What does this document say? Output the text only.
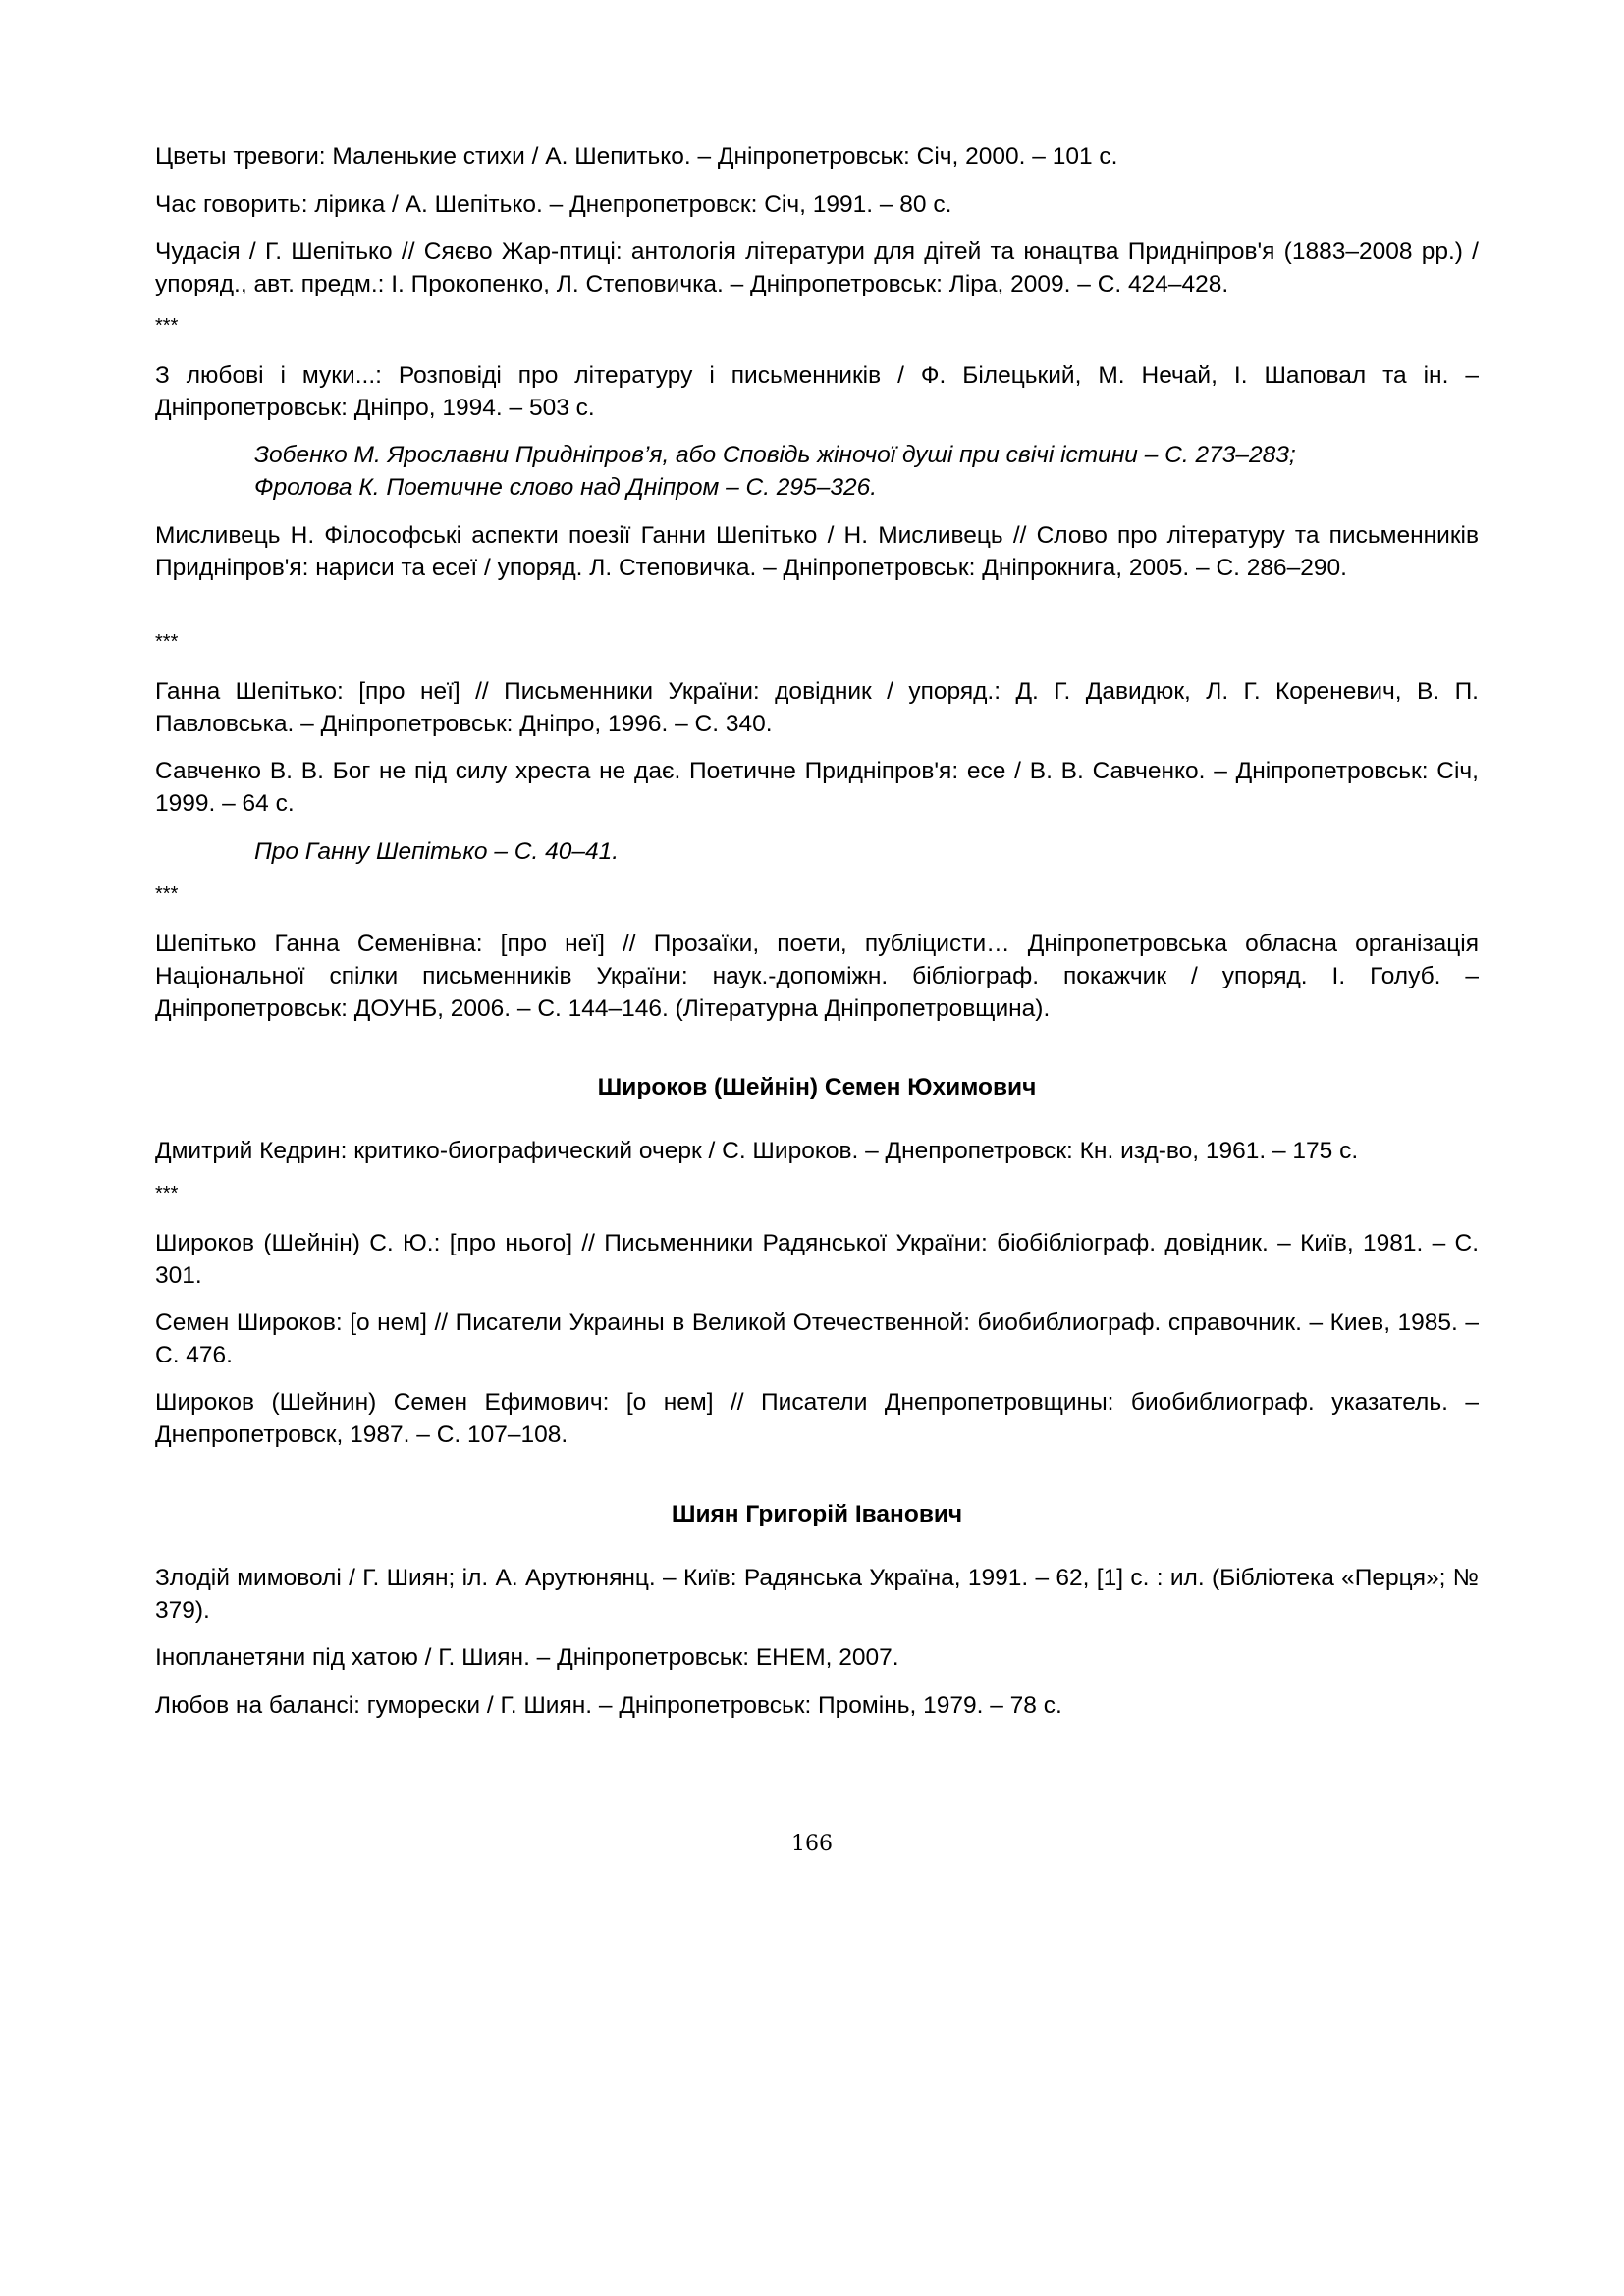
Цветы тревоги: Маленькие стихи / А. Шепитько. – Дніпропетровськ: Січ, 2000. – 101 с.

Час говорить: лірика / А. Шепітько. – Днепропетровск: Січ, 1991. – 80 с.

Чудасія / Г. Шепітько // Сяєво Жар-птиці: антологія літератури для дітей та юнацтва Придніпров'я (1883–2008 рр.) / упоряд., авт. предм.: І. Прокопенко, Л. Степовичка. – Дніпропетровськ: Ліра, 2009. – С. 424–428.

***

З любові і муки...: Розповіді про літературу і письменників / Ф. Білецький, М. Нечай, І. Шаповал та ін. – Дніпропетровськ: Дніпро, 1994. – 503 с.

Зобенко М. Ярославни Придніпров’я, або Сповідь жіночої душі при свічі істини – С. 273–283;

Фролова К. Поетичне слово над Дніпром – С. 295–326.

Мисливець Н. Філософські аспекти поезії Ганни Шепітько / Н. Мисливець // Слово про літературу та письменників Придніпров'я: нариси та есеї / упоряд. Л. Степовичка. – Дніпропетровськ: Дніпрокнига, 2005. – С. 286–290.

***

Ганна Шепітько: [про неї] // Письменники України: довідник / упоряд.: Д. Г. Давидюк, Л. Г. Кореневич, В. П. Павловська. – Дніпропетровськ: Дніпро, 1996. – С. 340.

Савченко В. В. Бог не під силу хреста не дає. Поетичне Придніпров'я: есе / В. В. Савченко. – Дніпропетровськ: Січ, 1999. – 64 с.

Про Ганну Шепітько – С. 40–41.

***

Шепітько Ганна Семенівна: [про неї] // Прозаїки, поети, публіцисти… Дніпропетровська обласна організація Національної спілки письменників України: наук.-допоміжн. бібліограф. покажчик / упоряд. І. Голуб. – Дніпропетровськ: ДОУНБ, 2006. – С. 144–146. (Літературна Дніпропетровщина).

Широков (Шейнін) Семен Юхимович

Дмитрий Кедрин: критико-биографический очерк / С. Широков. – Днепропетровск: Кн. изд-во, 1961. – 175 с.

***

Широков (Шейнін) С. Ю.: [про нього] // Письменники Радянської України: біобібліограф. довідник. – Київ, 1981. – С. 301.

Семен Широков: [о нем] // Писатели Украины в Великой Отечественной: биобиблиограф. справочник. – Киев, 1985. – С. 476.

Широков (Шейнин) Семен Ефимович: [о нем] // Писатели Днепропетровщины: биобиблиограф. указатель. – Днепропетровск, 1987. – С. 107–108.

Шиян Григорій Іванович

Злодій мимоволі / Г. Шиян; іл. А. Арутюнянц. – Київ: Радянська Україна, 1991. – 62, [1] с. : ил. (Бібліотека «Перця»; № 379).

Інопланетяни під хатою / Г. Шиян. – Дніпропетровськ: ЕНЕМ, 2007.

Любов на балансі: гуморески / Г. Шиян. – Дніпропетровськ: Промінь, 1979. – 78 с.

166
